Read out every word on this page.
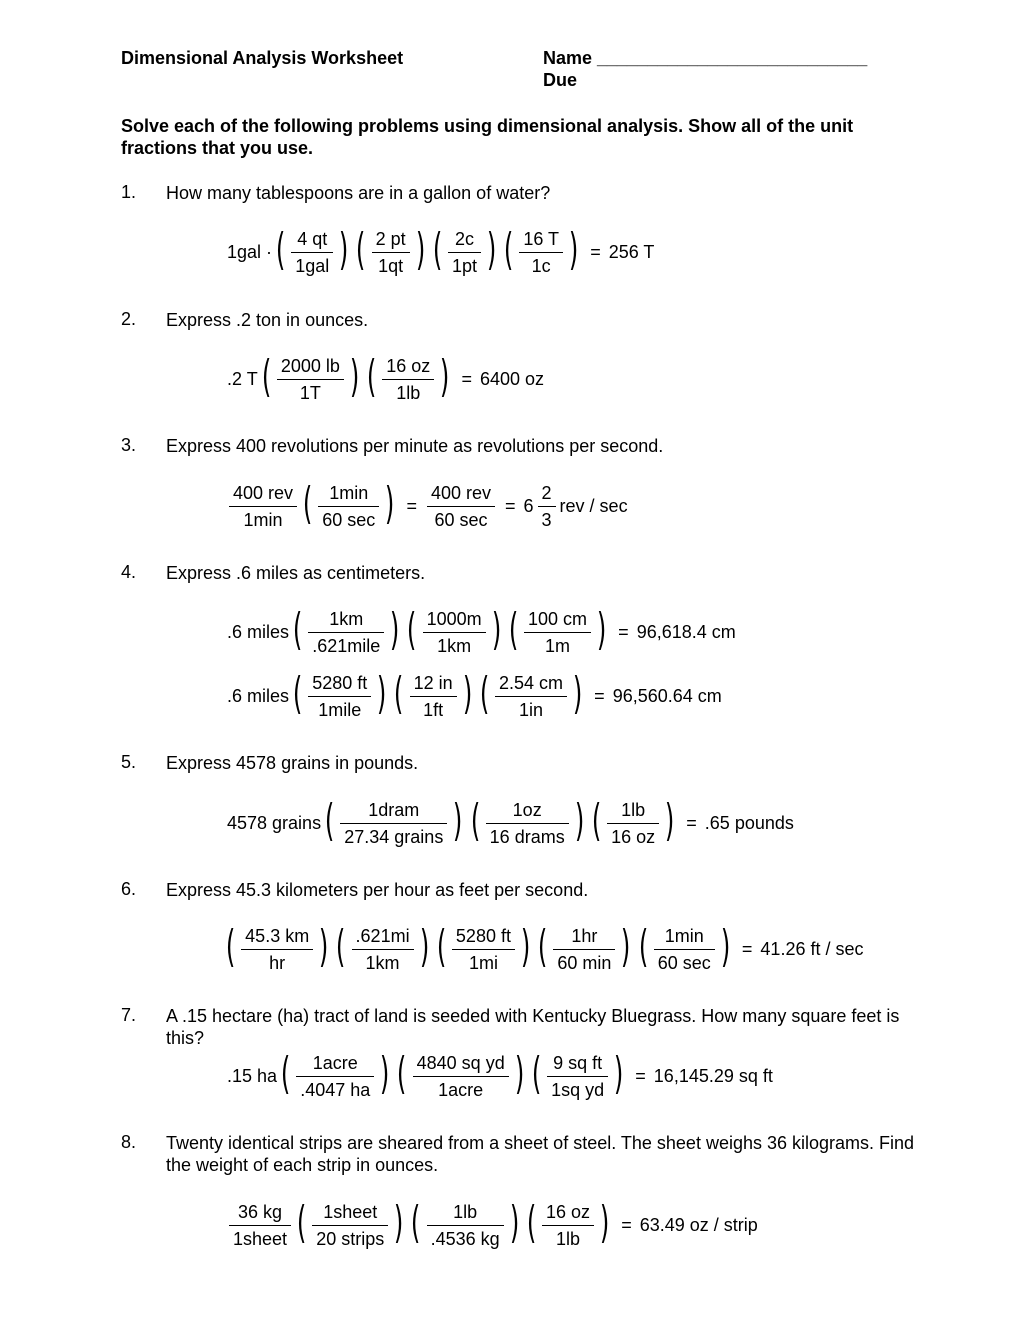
Dimensional Analysis Worksheet	Name ___________________________
Due
Solve each of the following problems using dimensional analysis. Show all of the unit fractions that you use.
1. How many tablespoons are in a gallon of water?
1gal · ( $\frac{4 qt}{\text{1gal}}$ ) ( $\frac{2 pt}{1qt}$ ) ( $\frac{2c}{1pt}$ ) ( $\frac{16 T}{1c}$ ) = 256 T
2. Express .2 ton in ounces.
.2 T ( $\frac{2000 lb}{1T}$ ) ( $\frac{16 oz}{1lb}$ ) = 6400 oz
3. Express 400 revolutions per minute as revolutions per second.
$\frac{\text{400 rev}}{1\min}$ ( $\frac{1\min}{60 \sec}$ ) = $\frac{\text{400 rev}}{60 \sec} = 6 \frac{2}{3}$ rev / sec
4. Express .6 miles as centimeters.
.6 miles ( $\frac{1km}{\text{.621mile}}$ ) ( $\frac{1000m}{1km}$ ) ( $\frac{100 cm}{1m}$ ) = 96,618.4 cm
.6 miles ( $\frac{5280 ft}{\text{1mile}}$ ) ( $\frac{12 in}{1ft}$ ) ( $\frac{2.54 cm}{1in}$ ) = 96,560.64 cm
5. Express 4578 grains in pounds.
4578 grains ( $\frac{\text{1dram}}{\text{27.34 grains}}$ ) ( $\frac{1oz}{\text{16 drams}}$ ) ( $\frac{1lb}{16 oz}$ ) = .65 pounds
6. Express 45.3 kilometers per hour as feet per second.
( $\frac{45.3 km}{hr}$ ) ( $\frac{.621mi}{1km}$ ) ( $\frac{5280 ft}{1mi}$ ) ( $\frac{1hr}{60 \min}$ ) ( $\frac{1\min}{60 \sec}$ ) = 41.26 ft / sec
7. A .15 hectare (ha) tract of land is seeded with Kentucky Bluegrass. How many square feet is this?
.15 ha ( $\frac{\text{1acre}}{.4047 ha}$ ) ( $\frac{\text{4840 sq yd}}{\text{1acre}}$ ) ( $\frac{\text{9 sq ft}}{\text{1sq yd}}$ ) = 16,145.29 sq ft
8. Twenty identical strips are sheared from a sheet of steel. The sheet weighs 36 kilograms. Find the weight of each strip in ounces.
$\frac{36 kg}{\text{1sheet}}$ ( $\frac{\text{1sheet}}{\text{20 strips}}$ ) ( $\frac{1lb}{.4536 kg}$ ) ( $\frac{16 oz}{1lb}$ ) = 63.49 oz / strip
